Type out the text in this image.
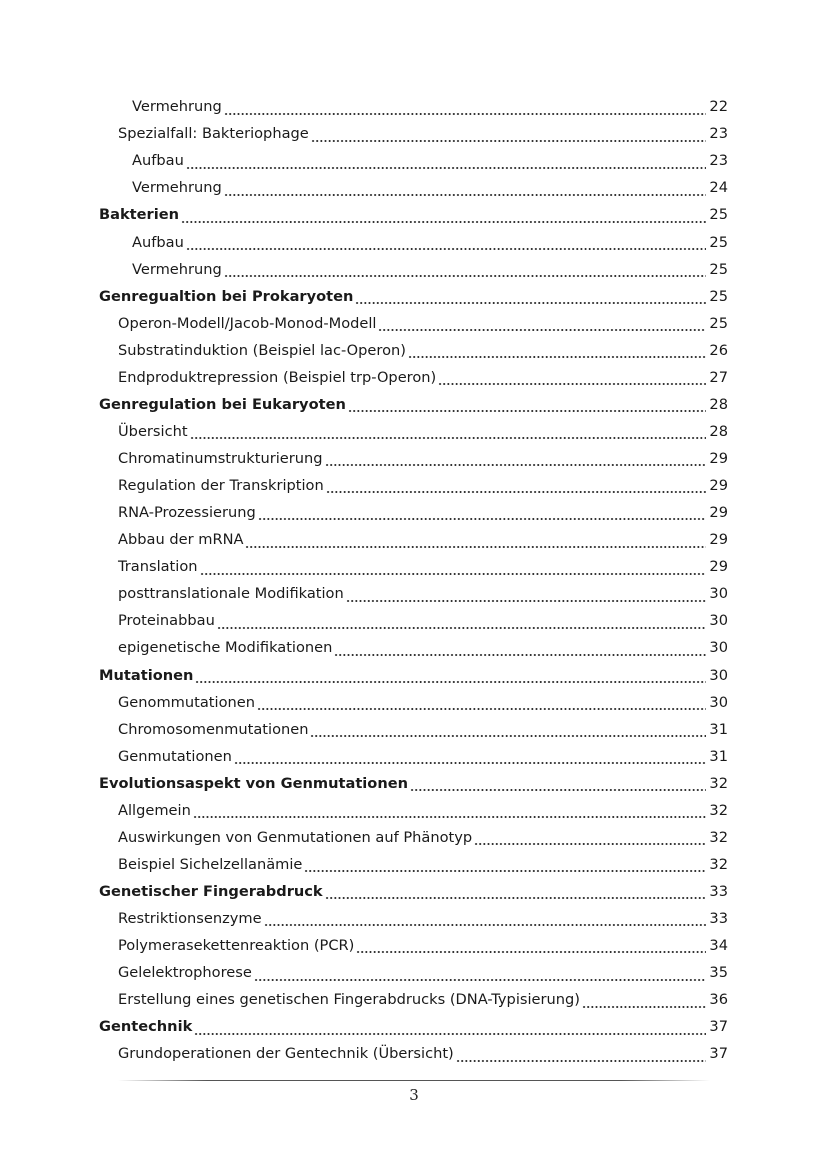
Vermehrung	22
Spezialfall: Bakteriophage	23
Aufbau	23
Vermehrung	24
Bakterien	25
Aufbau	25
Vermehrung	25
Genregualtion bei Prokaryoten	25
Operon-Modell/Jacob-Monod-Modell	25
Substratinduktion (Beispiel lac-Operon)	26
Endproduktrepression (Beispiel trp-Operon)	27
Genregulation bei Eukaryoten	28
Übersicht	28
Chromatinumstrukturierung	29
Regulation der Transkription	29
RNA-Prozessierung	29
Abbau der mRNA	29
Translation	29
posttranslationale Modifikation	30
Proteinabbau	30
epigenetische Modifikationen	30
Mutationen	30
Genommutationen	30
Chromosomenmutationen	31
Genmutationen	31
Evolutionsaspekt von Genmutationen	32
Allgemein	32
Auswirkungen von Genmutationen auf Phänotyp	32
Beispiel Sichelzellanämie	32
Genetischer Fingerabdruck	33
Restriktionsenzyme	33
Polymerasekettenreaktion (PCR)	34
Gelelektrophorese	35
Erstellung eines genetischen Fingerabdrucks (DNA-Typisierung)	36
Gentechnik	37
Grundoperationen der Gentechnik (Übersicht)	37
3
